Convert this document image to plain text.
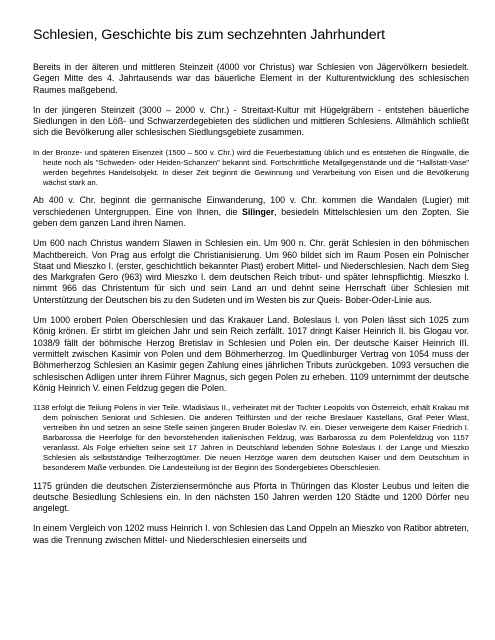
Schlesien, Geschichte bis zum sechzehnten Jahrhundert

Bereits in der älteren und mittleren Steinzeit (4000 vor Christus) war Schlesien von Jägervölkern besiedelt. Gegen Mitte des 4. Jahrtausends war das bäuerliche Element in der Kulturentwicklung des schlesischen Raumes maßgebend.

In der jüngeren Steinzeit (3000 – 2000 v. Chr.) - Streitaxt-Kultur mit Hügelgräbern - entstehen bäuerliche Siedlungen in den Löß- und Schwarzerdegebieten des südlichen und mittleren Schlesiens. Allmählich schließt sich die Bevölkerung aller schlesischen Siedlungsgebiete zusammen.

In der Bronze- und späteren Eisenzeit (1500 – 500 v. Chr.) wird die Feuerbestattung üblich und es entstehen die Ringwälle, die heute noch als "Schweden- oder Heiden-Schanzen" bekannt sind. Fortschrittliche Metallgegenstände und die "Hallstatt-Vase" werden begehrtes Handelsobjekt. In dieser Zeit beginnt die Gewinnung und Verarbeitung von Eisen und die Bevölkerung wächst stark an.

Ab 400 v. Chr. beginnt die germanische Einwanderung, 100 v. Chr. kommen die Wandalen (Lugier) mit verschiedenen Untergruppen. Eine von Ihnen, die Silinger, besiedeln Mittelschlesien um den Zopten. Sie geben dem ganzen Land ihren Namen.

Um 600 nach Christus wandern Slawen in Schlesien ein. Um 900 n. Chr. gerät Schlesien in den böhmischen Machtbereich. Von Prag aus erfolgt die Christianisierung. Um 960 bildet sich im Raum Posen ein Polnischer Staat und Mieszko I. (erster, geschichtlich bekannter Piast) erobert Mittel- und Niederschlesien. Nach dem Sieg des Markgrafen Gero (963) wird Mieszko I. dem deutschen Reich tribut- und später lehnspflichtig. Mieszko I. nimmt 966 das Christentum für sich und sein Land an und dehnt seine Herrschaft über Schlesien mit Unterstützung der Deutschen bis zu den Sudeten und im Westen bis zur Queis- Bober-Oder-Linie aus.

Um 1000 erobert Polen Oberschlesien und das Krakauer Land. Boleslaus I. von Polen lässt sich 1025 zum König krönen. Er stirbt im gleichen Jahr und sein Reich zerfällt. 1017 dringt Kaiser Heinrich II. bis Glogau vor. 1038/9 fällt der böhmische Herzog Bretislav in Schlesien und Polen ein. Der deutsche Kaiser Heinrich III. vermittelt zwischen Kasimir von Polen und dem Böhmerherzog. Im Quedlinburger Vertrag von 1054 muss der Böhmerherzog Schlesien an Kasimir gegen Zahlung eines jährlichen Tributs zurückgeben. 1093 versuchen die schlesischen Adligen unter ihrem Führer Magnus, sich gegen Polen zu erheben. 1109 unternimmt der deutsche König Heinrich V. einen Feldzug gegen die Polen.

1138 erfolgt die Teilung Polens in vier Teile. Wladislaus II., verheiratet mit der Tochter Leopolds von Österreich, erhält Krakau mit dem polnischen Seniorat und Schlesien. Die anderen Teilfürsten und der reiche Breslauer Kastellans, Graf Peter Wlast, vertreiben ihn und setzen an seine Stelle seinen jüngeren Bruder Boleslav IV. ein. Dieser verweigerte dem Kaiser Friedrich I. Barbarossa die Heerfolge für den bevorstehenden italienischen Feldzug, was Barbarossa zu dem Polenfeldzug von 1157 veranlasst. Als Folge erhielten seine seit 17 Jahren in Deutschland lebenden Söhne Boleslaus I. der Lange und Mieszko Schlesien als selbstständige Teilherzogtümer. Die neuen Herzöge waren dem deutschen Kaiser und dem Deutschtum in besonderem Maße verbunden. Die Landesteilung ist der Beginn des Sondergebietes Oberschlesien.

1175 gründen die deutschen Zisterziensermönche aus Pforta in Thüringen das Kloster Leubus und leiten die deutsche Besiedlung Schlesiens ein. In den nächsten 150 Jahren werden 120 Städte und 1200 Dörfer neu angelegt.

In einem Vergleich von 1202 muss Heinrich I. von Schlesien das Land Oppeln an Mieszko von Ratibor abtreten, was die Trennung zwischen Mittel- und Niederschlesien einerseits und
